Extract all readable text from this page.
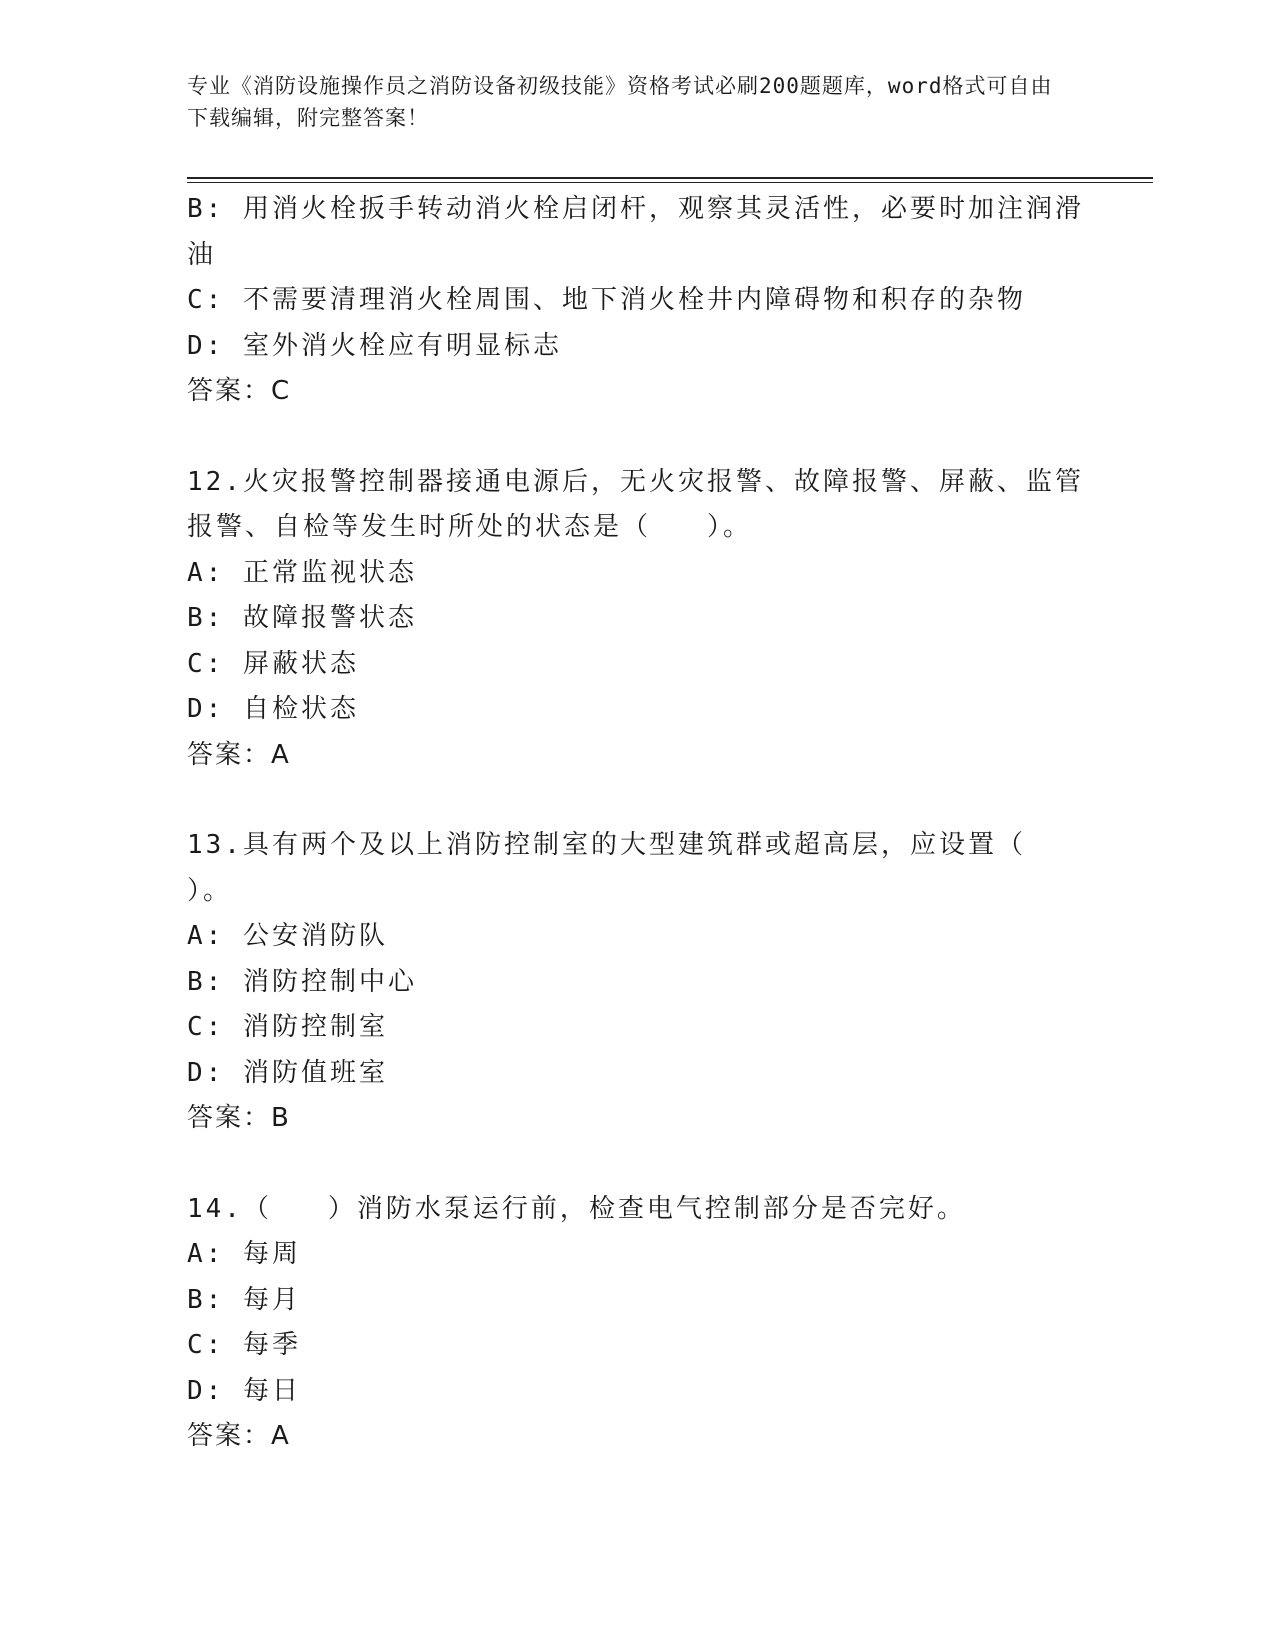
专业《消防设施操作员之消防设备初级技能》资格考试必刷200题题库，word格式可自由下载编辑，附完整答案！

B: 用消火栓扳手转动消火栓启闭杆，观察其灵活性，必要时加注润滑油

C: 不需要清理消火栓周围、地下消火栓井内障碍物和积存的杂物

D: 室外消火栓应有明显标志

答案：C

12.火灾报警控制器接通电源后，无火灾报警、故障报警、屏蔽、监管报警、自检等发生时所处的状态是（   ）。

A: 正常监视状态

B: 故障报警状态

C: 屏蔽状态

D: 自检状态

答案：A

13.具有两个及以上消防控制室的大型建筑群或超高层，应设置（   ）。

A: 公安消防队

B: 消防控制中心

C: 消防控制室

D: 消防值班室

答案：B

14.（   ）消防水泵运行前，检查电气控制部分是否完好。

A: 每周

B: 每月

C: 每季

D: 每日

答案：A
